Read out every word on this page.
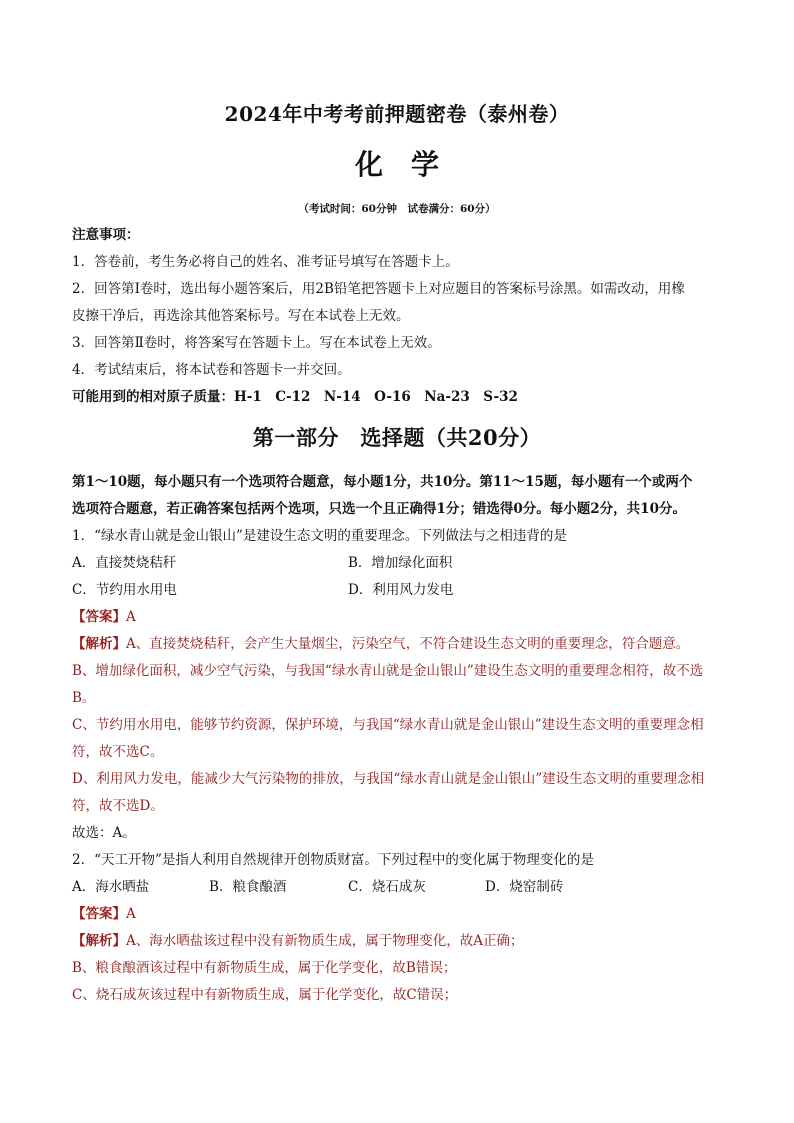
2024年中考考前押题密卷（泰州卷）
化　学
（考试时间：60分钟　试卷满分：60分）
注意事项：
1．答卷前，考生务必将自己的姓名、准考证号填写在答题卡上。
2．回答第Ⅰ卷时，选出每小题答案后，用2B铅笔把答题卡上对应题目的答案标号涂黑。如需改动，用橡
皮擦干净后，再选涂其他答案标号。写在本试卷上无效。
3．回答第Ⅱ卷时，将答案写在答题卡上。写在本试卷上无效。
4．考试结束后，将本试卷和答题卡一并交回。
可能用到的相对原子质量：H-1　C-12　N-14　O-16　Na-23　S-32
第一部分　选择题（共20分）
第1～10题，每小题只有一个选项符合题意，每小题1分，共10分。第11～15题，每小题有一个或两个
选项符合题意，若正确答案包括两个选项，只选一个且正确得1分；错选得0分。每小题2分，共10分。
1．“绿水青山就是金山银山”是建设生态文明的重要理念。下列做法与之相违背的是
A．直接焚烧秸秆	B．增加绿化面积
C．节约用水用电	D．利用风力发电
【答案】A
【解析】A、直接焚烧秸秆，会产生大量烟尘，污染空气，不符合建设生态文明的重要理念，符合题意。
B、增加绿化面积，减少空气污染，与我国“绿水青山就是金山银山”建设生态文明的重要理念相符，故不选
B。
C、节约用水用电，能够节约资源，保护环境，与我国“绿水青山就是金山银山”建设生态文明的重要理念相
符，故不选C。
D、利用风力发电，能减少大气污染物的排放，与我国“绿水青山就是金山银山”建设生态文明的重要理念相
符，故不选D。
故选：A。
2．“天工开物”是指人利用自然规律开创物质财富。下列过程中的变化属于物理变化的是
A．海水晒盐	B．粮食酿酒	C．烧石成灰	D．烧窑制砖
【答案】A
【解析】A、海水晒盐该过程中没有新物质生成，属于物理变化，故A正确；
B、粮食酿酒该过程中有新物质生成，属于化学变化，故B错误；
C、烧石成灰该过程中有新物质生成，属于化学变化，故C错误；
